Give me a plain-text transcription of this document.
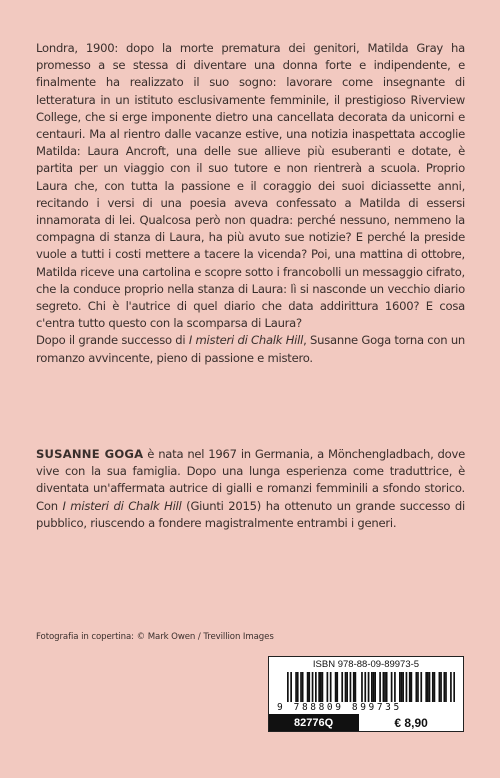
Londra, 1900: dopo la morte prematura dei genitori, Matilda Gray ha promesso a se stessa di diventare una donna forte e indipendente, e finalmente ha realizzato il suo sogno: lavorare come insegnante di letteratura in un istituto esclusivamente femminile, il prestigioso Riverview College, che si erge imponente dietro una cancellata decorata da unicorni e centauri. Ma al rientro dalle vacanze estive, una notizia inaspettata accoglie Matilda: Laura Ancroft, una delle sue allieve più esuberanti e dotate, è partita per un viaggio con il suo tutore e non rientrerà a scuola. Proprio Laura che, con tutta la passione e il coraggio dei suoi diciassette anni, recitando i versi di una poesia aveva confessato a Matilda di essersi innamorata di lei. Qualcosa però non quadra: perché nessuno, nemmeno la compagna di stanza di Laura, ha più avuto sue notizie? E perché la preside vuole a tutti i costi mettere a tacere la vicenda? Poi, una mattina di ottobre, Matilda riceve una cartolina e scopre sotto i francobolli un messaggio cifrato, che la conduce proprio nella stanza di Laura: lì si nasconde un vecchio diario segreto. Chi è l'autrice di quel diario che data addirittura 1600? E cosa c'entra tutto questo con la scomparsa di Laura?

Dopo il grande successo di I misteri di Chalk Hill, Susanne Goga torna con un romanzo avvincente, pieno di passione e mistero.

SUSANNE GOGA è nata nel 1967 in Germania, a Mönchengladbach, dove vive con la sua famiglia. Dopo una lunga esperienza come traduttrice, è diventata un'affermata autrice di gialli e romanzi femminili a sfondo storico. Con I misteri di Chalk Hill (Giunti 2015) ha ottenuto un grande successo di pubblico, riuscendo a fondere magistralmente entrambi i generi.

Fotografia in copertina: © Mark Owen / Trevillion Images
ISBN 978-88-09-89973-5
9 788809 899735
82776Q	€ 8,90
